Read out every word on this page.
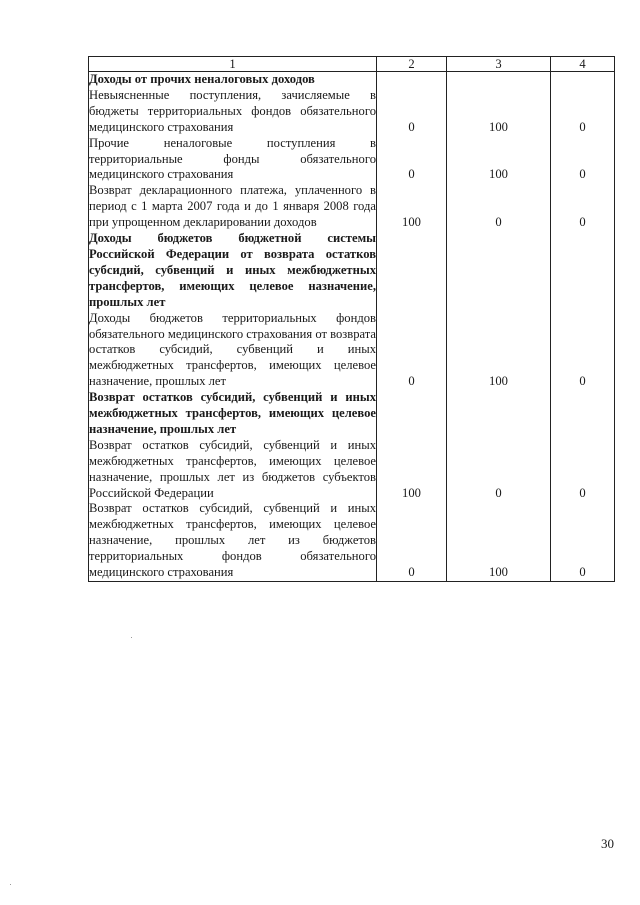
1	2	3	4
Доходы от прочих неналоговых доходов			
Невыясненные поступления, зачисляемые в бюджеты территориальных фондов обязательного медицинского страхования	0	100	0
Прочие неналоговые поступления в территориальные фонды обязательного медицинского страхования	0	100	0
Возврат декларационного платежа, уплаченного в период с 1 марта 2007 года и до 1 января 2008 года при упрощенном декларировании доходов	100	0	0
Доходы бюджетов бюджетной системы Российской Федерации от возврата остатков субсидий, субвенций и иных межбюджетных трансфертов, имеющих целевое назначение, прошлых лет			
Доходы бюджетов территориальных фондов обязательного медицинского страхования от возврата остатков субсидий, субвенций и иных межбюджетных трансфертов, имеющих целевое назначение, прошлых лет	0	100	0
Возврат остатков субсидий, субвенций и иных межбюджетных трансфертов, имеющих целевое назначение, прошлых лет			
Возврат остатков субсидий, субвенций и иных межбюджетных трансфертов, имеющих целевое назначение, прошлых лет из бюджетов субъектов Российской Федерации	100	0	0
Возврат остатков субсидий, субвенций и иных межбюджетных трансфертов, имеющих целевое назначение, прошлых лет из бюджетов территориальных фондов обязательного медицинского страхования	0	100	0
30
